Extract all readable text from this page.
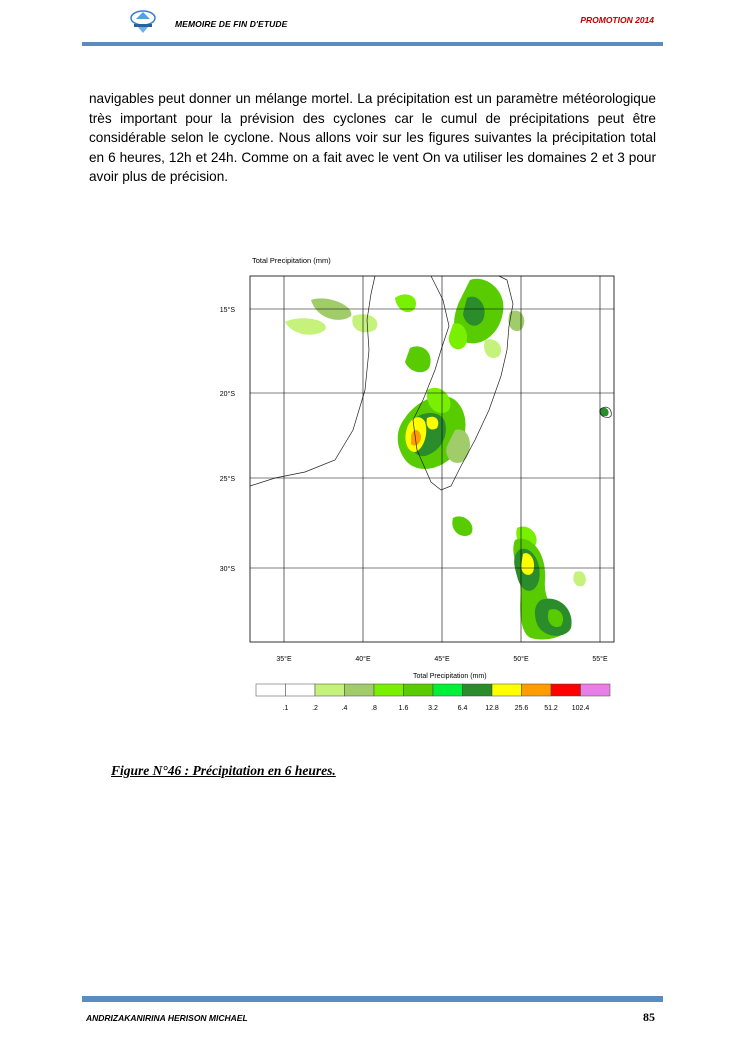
MEMOIRE DE FIN D'ETUDE	PROMOTION 2014
navigables peut donner un mélange mortel. La précipitation est un paramètre météorologique très important pour la prévision des cyclones car le cumul de précipitations peut être considérable selon le cyclone. Nous allons voir sur les figures suivantes la précipitation total en 6 heures, 12h et 24h. Comme on a fait avec le vent On va utiliser les domaines 2 et 3 pour avoir plus de précision.
Total Precipitation (mm)
15°S
20°S
25°S
30°S
35°E	40°E	45°E	50°E	55°E
Total Precipitation (mm)
.1	.2	.4	.8	1.6	3.2	6.4	12.8 25.6 51.2 102.4
Figure N°46 : Précipitation en 6 heures.
ANDRIZAKANIRINA HERISON MICHAEL	85
